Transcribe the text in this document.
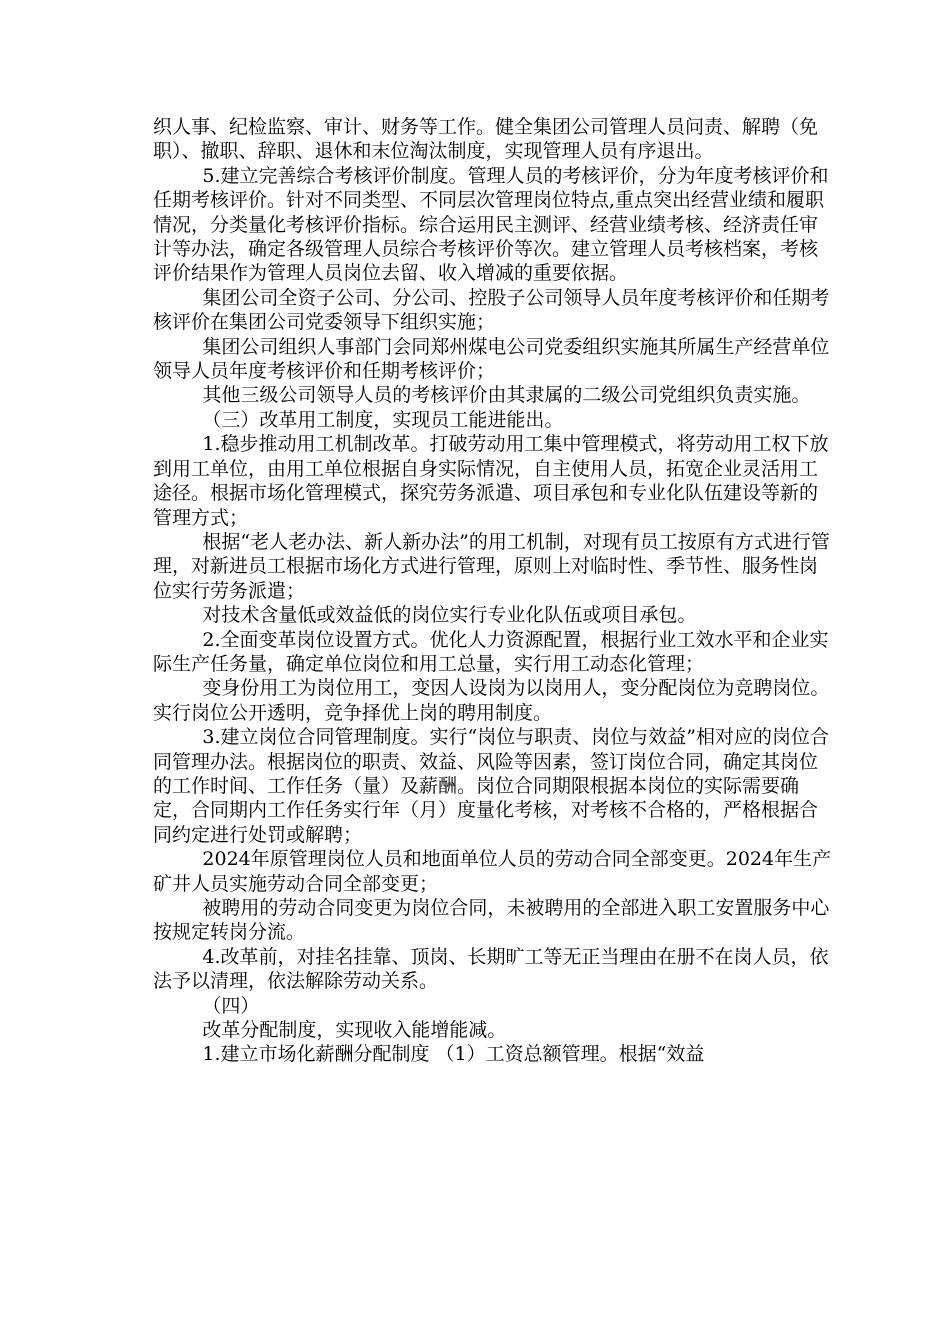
织人事、纪检监察、审计、财务等工作。健全集团公司管理人员问责、解聘（免职）、撤职、辞职、退休和末位淘汰制度，实现管理人员有序退出。

5.建立完善综合考核评价制度。管理人员的考核评价，分为年度考核评价和任期考核评价。针对不同类型、不同层次管理岗位特点,重点突出经营业绩和履职情况，分类量化考核评价指标。综合运用民主测评、经营业绩考核、经济责任审计等办法，确定各级管理人员综合考核评价等次。建立管理人员考核档案，考核评价结果作为管理人员岗位去留、收入增减的重要依据。

集团公司全资子公司、分公司、控股子公司领导人员年度考核评价和任期考核评价在集团公司党委领导下组织实施；

集团公司组织人事部门会同郑州煤电公司党委组织实施其所属生产经营单位领导人员年度考核评价和任期考核评价；

其他三级公司领导人员的考核评价由其隶属的二级公司党组织负责实施。

（三）改革用工制度，实现员工能进能出。

1.稳步推动用工机制改革。打破劳动用工集中管理模式，将劳动用工权下放到用工单位，由用工单位根据自身实际情况，自主使用人员，拓宽企业灵活用工途径。根据市场化管理模式，探究劳务派遣、项目承包和专业化队伍建设等新的管理方式；

根据“老人老办法、新人新办法”的用工机制，对现有员工按原有方式进行管理，对新进员工根据市场化方式进行管理，原则上对临时性、季节性、服务性岗位实行劳务派遣；

对技术含量低或效益低的岗位实行专业化队伍或项目承包。

2.全面变革岗位设置方式。优化人力资源配置，根据行业工效水平和企业实际生产任务量，确定单位岗位和用工总量，实行用工动态化管理；

变身份用工为岗位用工，变因人设岗为以岗用人，变分配岗位为竞聘岗位。实行岗位公开透明，竞争择优上岗的聘用制度。

3.建立岗位合同管理制度。实行“岗位与职责、岗位与效益”相对应的岗位合同管理办法。根据岗位的职责、效益、风险等因素，签订岗位合同，确定其岗位的工作时间、工作任务（量）及薪酬。岗位合同期限根据本岗位的实际需要确定，合同期内工作任务实行年（月）度量化考核，对考核不合格的，严格根据合同约定进行处罚或解聘；

2024年原管理岗位人员和地面单位人员的劳动合同全部变更。2024年生产矿井人员实施劳动合同全部变更；

被聘用的劳动合同变更为岗位合同，未被聘用的全部进入职工安置服务中心按规定转岗分流。

4.改革前，对挂名挂靠、顶岗、长期旷工等无正当理由在册不在岗人员，依法予以清理，依法解除劳动关系。

（四）

改革分配制度，实现收入能增能减。

1.建立市场化薪酬分配制度 （1）工资总额管理。根据“效益
